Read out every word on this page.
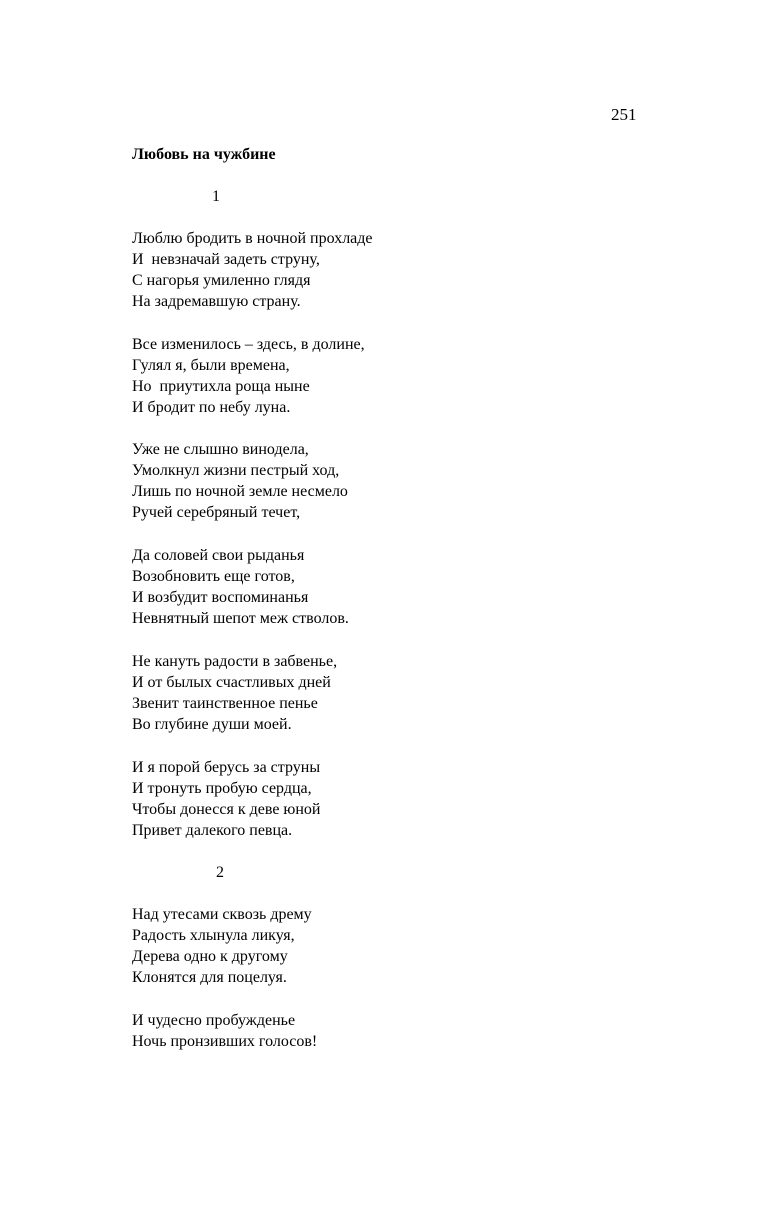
251
Любовь на чужбине
1
Люблю бродить в ночной прохладе
И  невзначай задеть струну,
С нагорья умиленно глядя
На задремавшую страну.
Все изменилось – здесь, в долине,
Гулял я, были времена,
Но  приутихла роща ныне
И бродит по небу луна.
Уже не слышно винодела,
Умолкнул жизни пестрый ход,
Лишь по ночной земле несмело
Ручей серебряный течет,
Да соловей свои рыданья
Возобновить еще готов,
И возбудит воспоминанья
Невнятный шепот меж стволов.
Не кануть радости в забвенье,
И от былых счастливых дней
Звенит таинственное пенье
Во глубине души моей.
И я порой берусь за струны
И тронуть пробую сердца,
Чтобы донесся к деве юной
Привет далекого певца.
2
Над утесами сквозь дрему
Радость хлынула ликуя,
Дерева одно к другому
Клонятся для поцелуя.
И чудесно пробужденье
Ночь пронзивших голосов!
